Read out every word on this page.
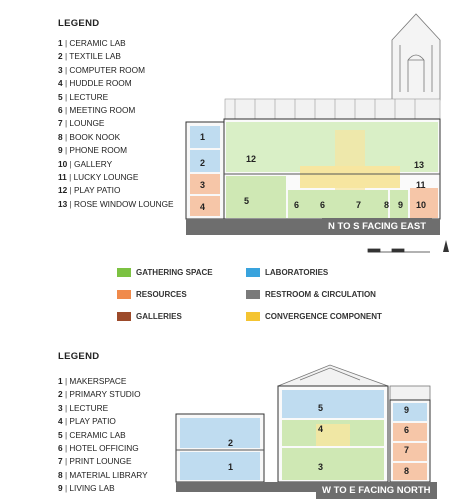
LEGEND
1 | CERAMIC LAB
2 | TEXTILE LAB
3 | COMPUTER ROOM
4 | HUDDLE ROOM
5 | LECTURE
6 | MEETING ROOM
7 | LOUNGE
8 | BOOK NOOK
9 | PHONE ROOM
10 | GALLERY
11 | LUCKY LOUNGE
12 | PLAY PATIO
13 | ROSE WINDOW LOUNGE
1
2
3
4
5	6 6	7	8 9 10
11
12
13
N TO S FACING EAST
GATHERING SPACE	LABORATORIES
RESOURCES	RESTROOM & CIRCULATION
GALLERIES	CONVERGENCE COMPONENT
LEGEND
1 | MAKERSPACE
2 | PRIMARY STUDIO
3 | LECTURE
4 | PLAY PATIO
5 | CERAMIC LAB
6 | HOTEL OFFICING
7 | PRINT LOUNGE
8 | MATERIAL LIBRARY
9 | LIVING LAB
1
2
3
4
5
6
7
8
9
W TO E FACING NORTH
